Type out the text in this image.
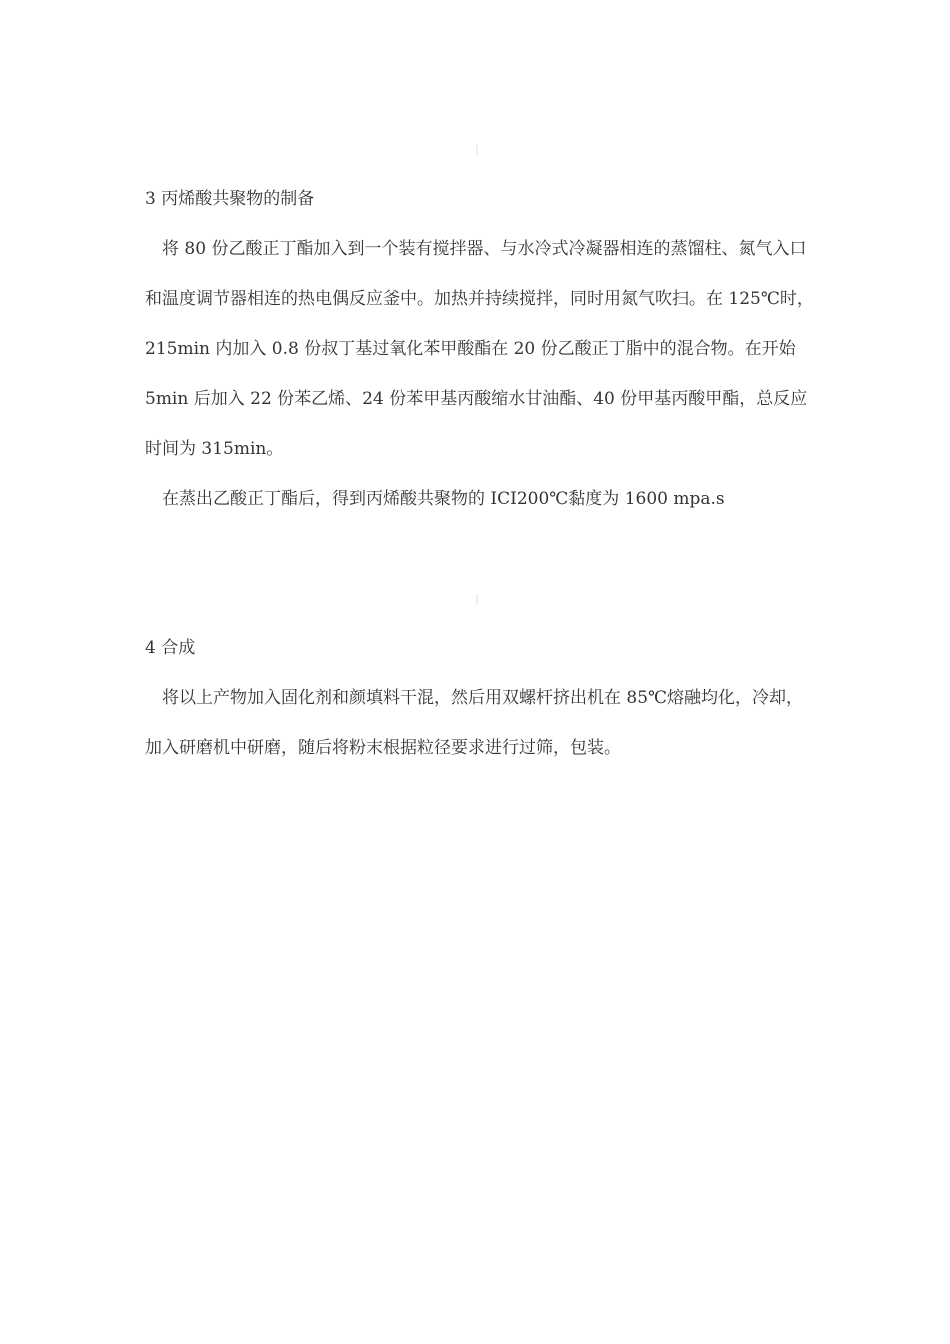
3 丙烯酸共聚物的制备

将 80 份乙酸正丁酯加入到一个装有搅拌器、与水冷式冷凝器相连的蒸馏柱、氮气入口和温度调节器相连的热电偶反应釜中。加热并持续搅拌，同时用氮气吹扫。在 125℃时，215min 内加入 0.8 份叔丁基过氧化苯甲酸酯在 20 份乙酸正丁脂中的混合物。在开始 5min 后加入 22 份苯乙烯、24 份苯甲基丙酸缩水甘油酯、40 份甲基丙酸甲酯，总反应时间为 315min。

在蒸出乙酸正丁酯后，得到丙烯酸共聚物的 ICI200℃黏度为 1600 mpa.s

4 合成

将以上产物加入固化剂和颜填料干混，然后用双螺杆挤出机在 85℃熔融均化，冷却，加入研磨机中研磨，随后将粉末根据粒径要求进行过筛，包装。
